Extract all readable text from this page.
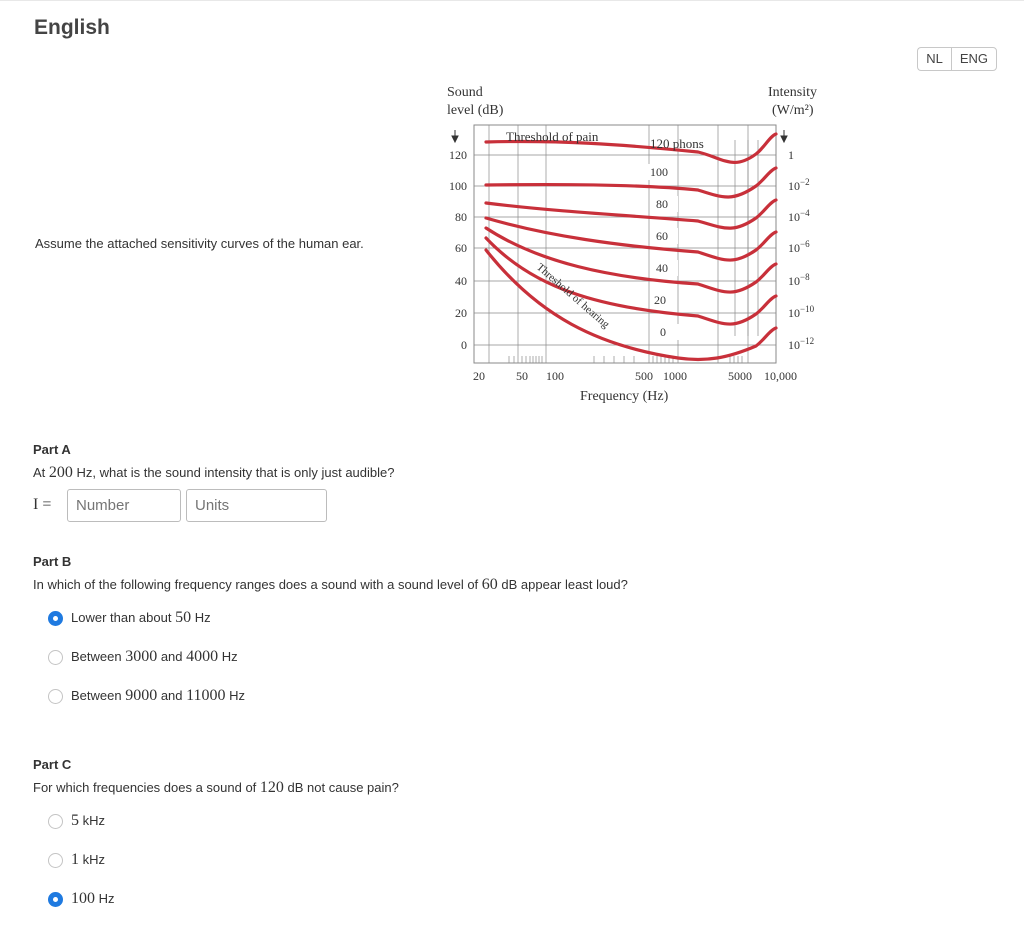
English
NL	ENG
Assume the attached sensitivity curves of the human ear.
Sound
level (dB)
Intensity
(W/m²)
120
100
80
60
40
20
0
1
$10^{-2}$
$10^{-4}$
$10^{-6}$
$10^{-8}$
$10^{-10}$
$10^{-12}$
20	50 100	500 1000	5000 10,000
100
80
60
40
20
0
Threshold of pain	120 phons
Threshold of hearing
Frequency (Hz)
Part A
At 200 Hz, what is the sound intensity that is only just audible?
I =
Number
Units
Part B
In which of the following frequency ranges does a sound with a sound level of 60 dB appear least loud?
Lower than about 50 Hz
Between 3000 and 4000 Hz
Between 9000 and 11000 Hz
Part C
For which frequencies does a sound of 120 dB not cause pain?
5 kHz
1 kHz
100 Hz
